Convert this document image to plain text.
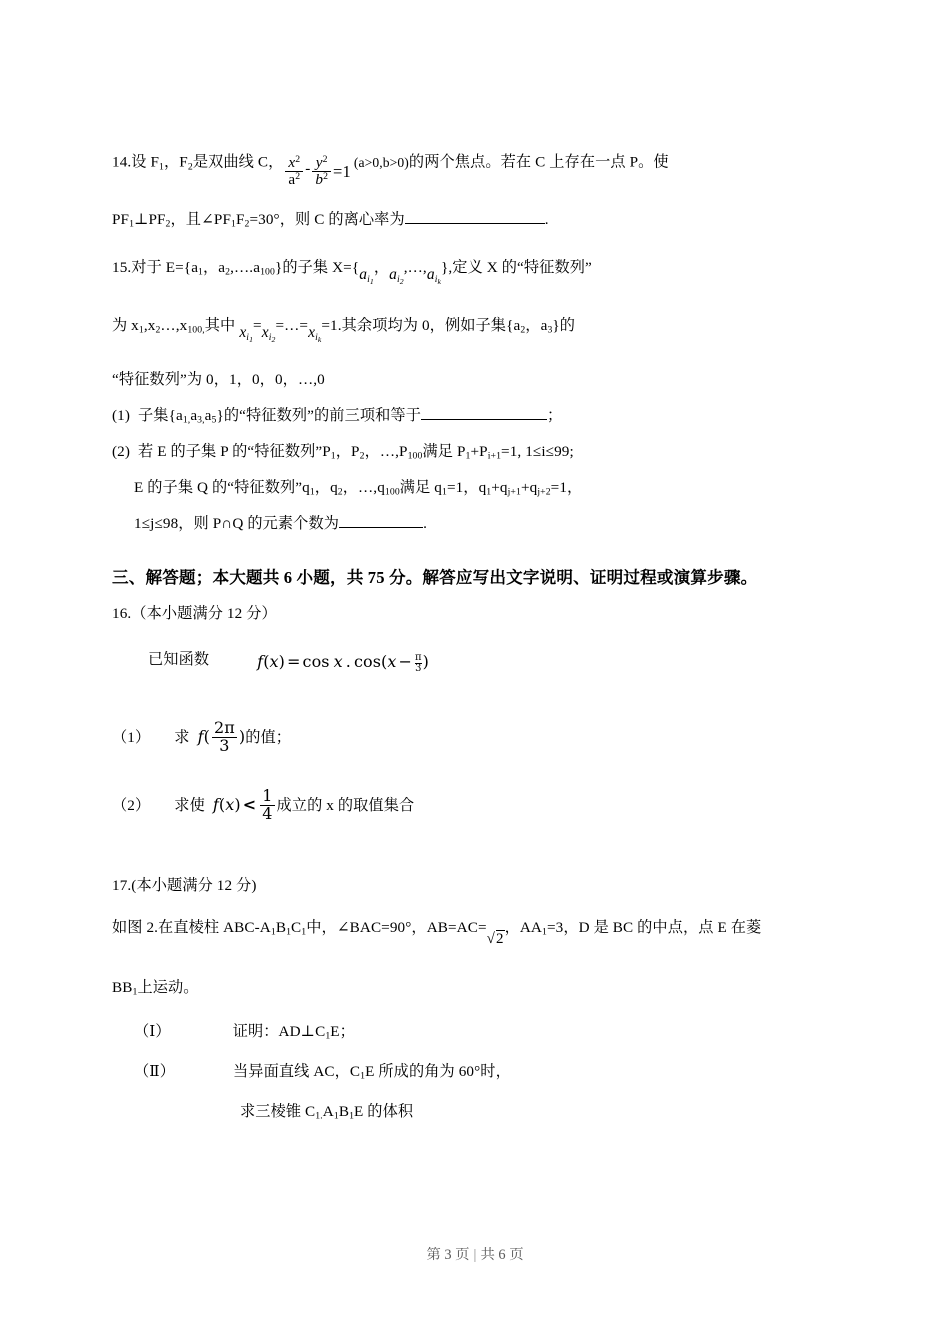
14.设 $F_1$，$F_2$是双曲线 C， $\frac{x^2}{a^2} - \frac{y^2}{b^2} =1$ (a>0,b>0)的两个焦点。若在 C 上存在一点 P。使
$PF_1\perp PF_2$，且$\angle PF_1F_2=30^\circ$，则 C 的离心率为	.
15.对于 $E=\{a_1$，$a_2,\dots.a_{100}$}的子集 $X=\{ai_1$，$ai_2,\dots,ai_k$},定义 X 的“特征数列”
为 $x_1,x_2\dots,x_{100,}$其中 $xi_1=xi_2=\dots=xi_k=1$.其余项均为 0，例如子集{$a_2$，$a_3$}的
“特征数列”为 0，1，0，0，…,0
(1) 子集$\{a_{1,}a_{3,}a_5\}$的“特征数列”的前三项和等于	；
(2) 若 E 的子集 P 的“特征数列$”P_1$，$P_2$，$\dots,P_{100}$满足 $P_1+P_{i+1}=1$, 1≤i≤99;
E 的子集 Q 的“特征数列$”q_1$，$q_2$，$\dots,q_{100}$满足 $q_1=1$，$q_1+q_{j+1}+q_{j+2}=1$，
1≤j≤98，则 P∩Q 的元素个数为	.
三、解答题；本大题共 6 小题，共 75 分。解答应写出文字说明、证明过程或演算步骤。
16.（本小题满分 12 分）
已知函数	f(x) = cos x . $\cos(x - \frac{\pi}{3}$ )
（1） 求 $f( \frac{2\pi}{3}$ )的值；
（2） 求使 $f(x) < \frac{1}{4}$ 成立的 x 的取值集合
17.(本小题满分 12 分)
如图 2.在直棱柱 ABC-$A_1B_1C_1$中，∠BAC=90°，AB=AC=√2，$AA_1=3$，D 是 BC 的中点，点 E 在菱
$BB_1$上运动。
（Ⅰ）	证明：$AD\perp C_1E$；
（Ⅱ）	当异面直线 AC，$C_1E$ 所成的角为 60°时，
求三棱锥 $C_{1.}A_1B_1E$ 的体积
第 3 页 | 共 6 页
